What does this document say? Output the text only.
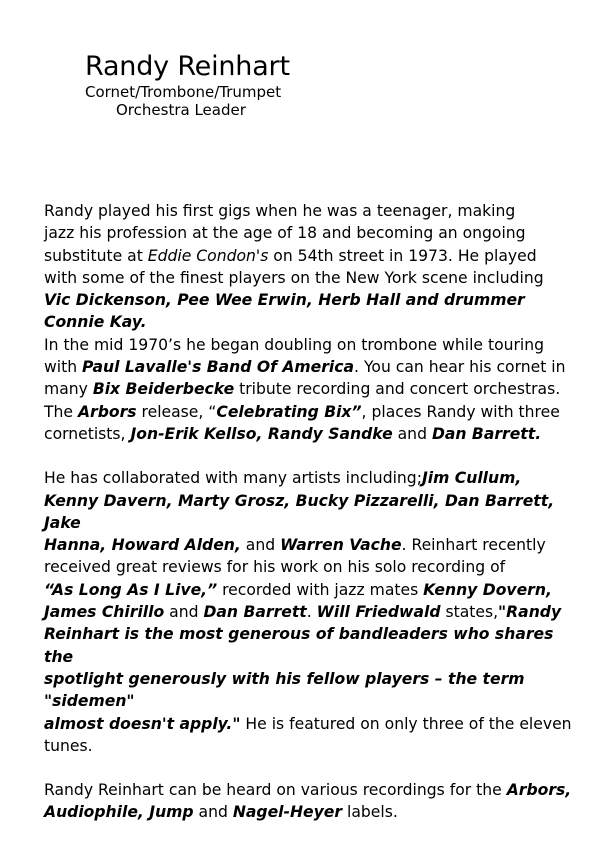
Randy Reinhart
Cornet/Trombone/Trumpet
Orchestra Leader

Randy played his first gigs when he was a teenager, making

jazz his profession at the age of 18 and becoming an ongoing

substitute at Eddie Condon's on 54th street in 1973. He played

with some of the finest players on the New York scene including

Vic Dickenson, Pee Wee Erwin, Herb Hall and drummer Connie Kay.

In the mid 1970’s he began doubling on trombone while touring

with Paul Lavalle's Band Of America. You can hear his cornet in

many Bix Beiderbecke tribute recording and concert orchestras.

The Arbors release, “Celebrating Bix”, places Randy with three

cornetists, Jon-Erik Kellso, Randy Sandke and Dan Barrett.

He has collaborated with many artists including;Jim Cullum,

Kenny Davern, Marty Grosz, Bucky Pizzarelli, Dan Barrett, Jake

Hanna, Howard Alden, and Warren Vache. Reinhart recently

received great reviews for his work on his solo recording of

“As Long As I Live,” recorded with jazz mates Kenny Dovern,

James Chirillo and Dan Barrett. Will Friedwald states,"Randy

Reinhart is the most generous of bandleaders who shares the

spotlight generously with his fellow players – the term "sidemen"

almost doesn't apply." He is featured on only three of the eleven

tunes.

Randy Reinhart can be heard on various recordings for the Arbors,

Audiophile, Jump and Nagel-Heyer labels.
